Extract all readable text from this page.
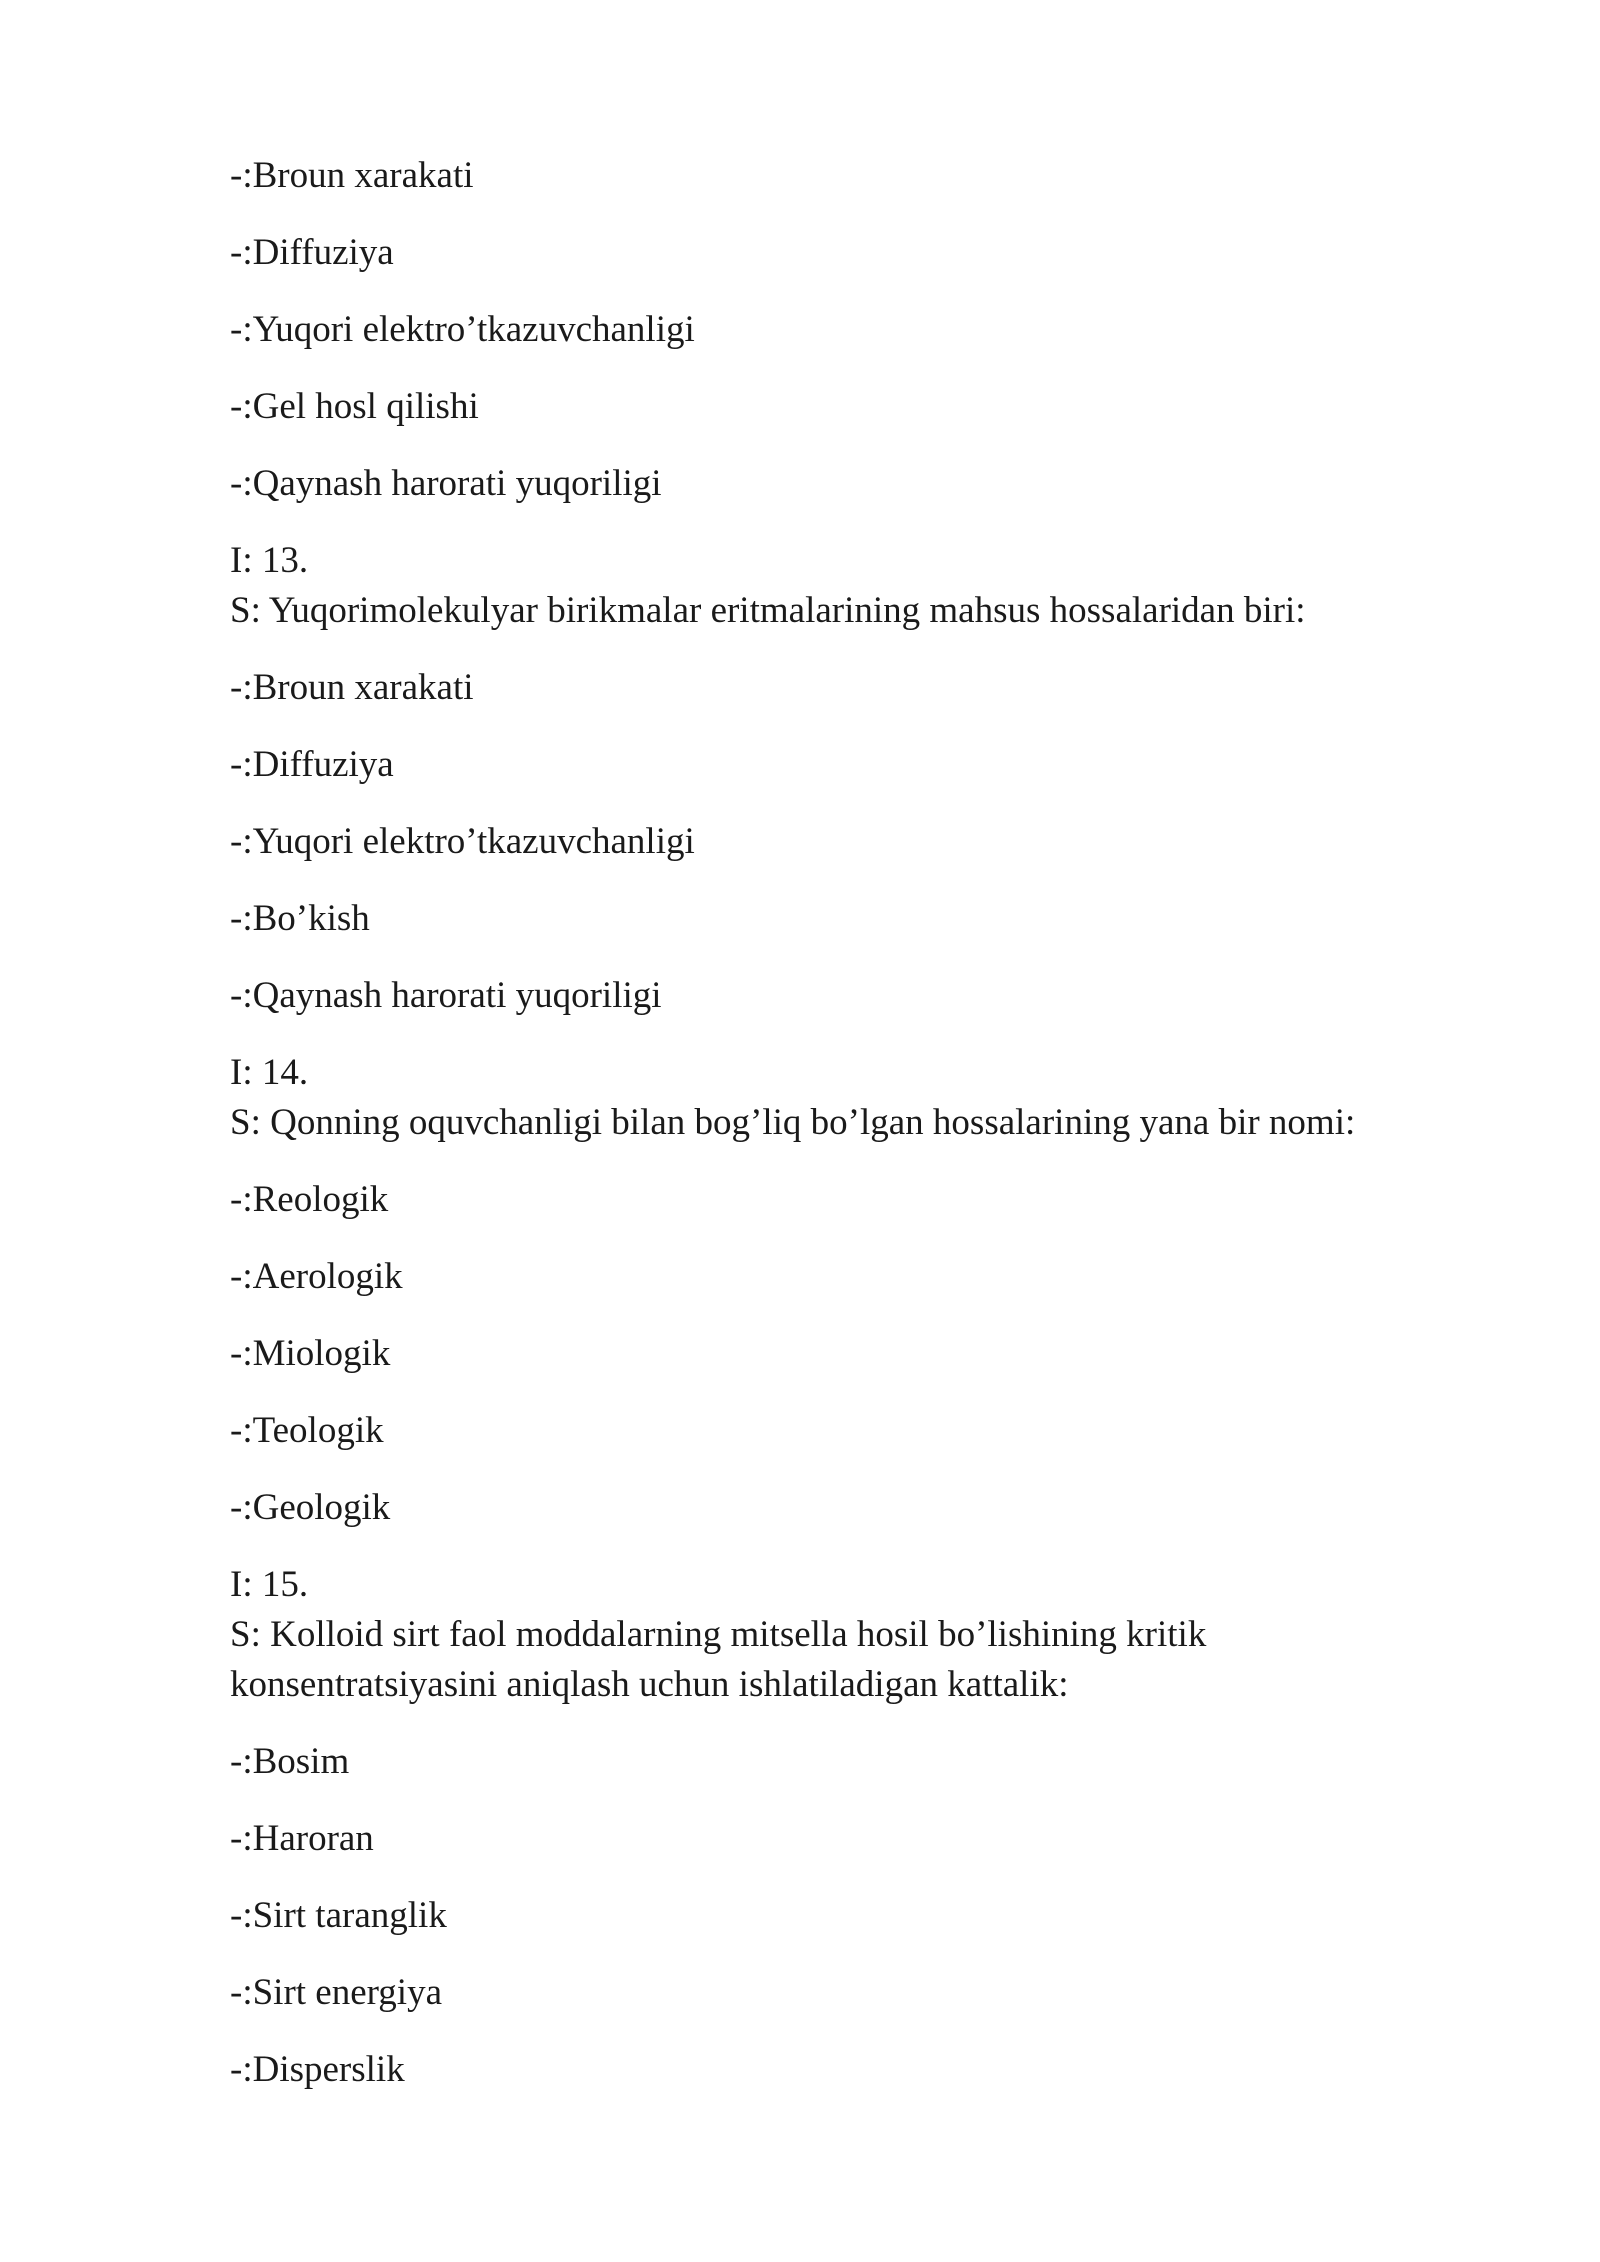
-:Broun xarakati
-:Diffuziya
-:Yuqori elektro’tkazuvchanligi
-:Gel hosl qilishi
-:Qaynash harorati yuqoriligi
I: 13.
S: Yuqorimolekulyar birikmalar eritmalarining mahsus hossalaridan biri:
-:Broun xarakati
-:Diffuziya
-:Yuqori elektro’tkazuvchanligi
-:Bo’kish
-:Qaynash harorati yuqoriligi
I: 14.
S: Qonning oquvchanligi bilan bog’liq bo’lgan hossalarining yana bir nomi:
-:Reologik
-:Aerologik
-:Miologik
-:Teologik
-:Geologik
I: 15.
S: Kolloid sirt faol moddalarning mitsella hosil bo’lishining kritik
konsentratsiyasini aniqlash uchun ishlatiladigan kattalik:
-:Bosim
-:Haroran
-:Sirt taranglik
-:Sirt energiya
-:Disperslik
